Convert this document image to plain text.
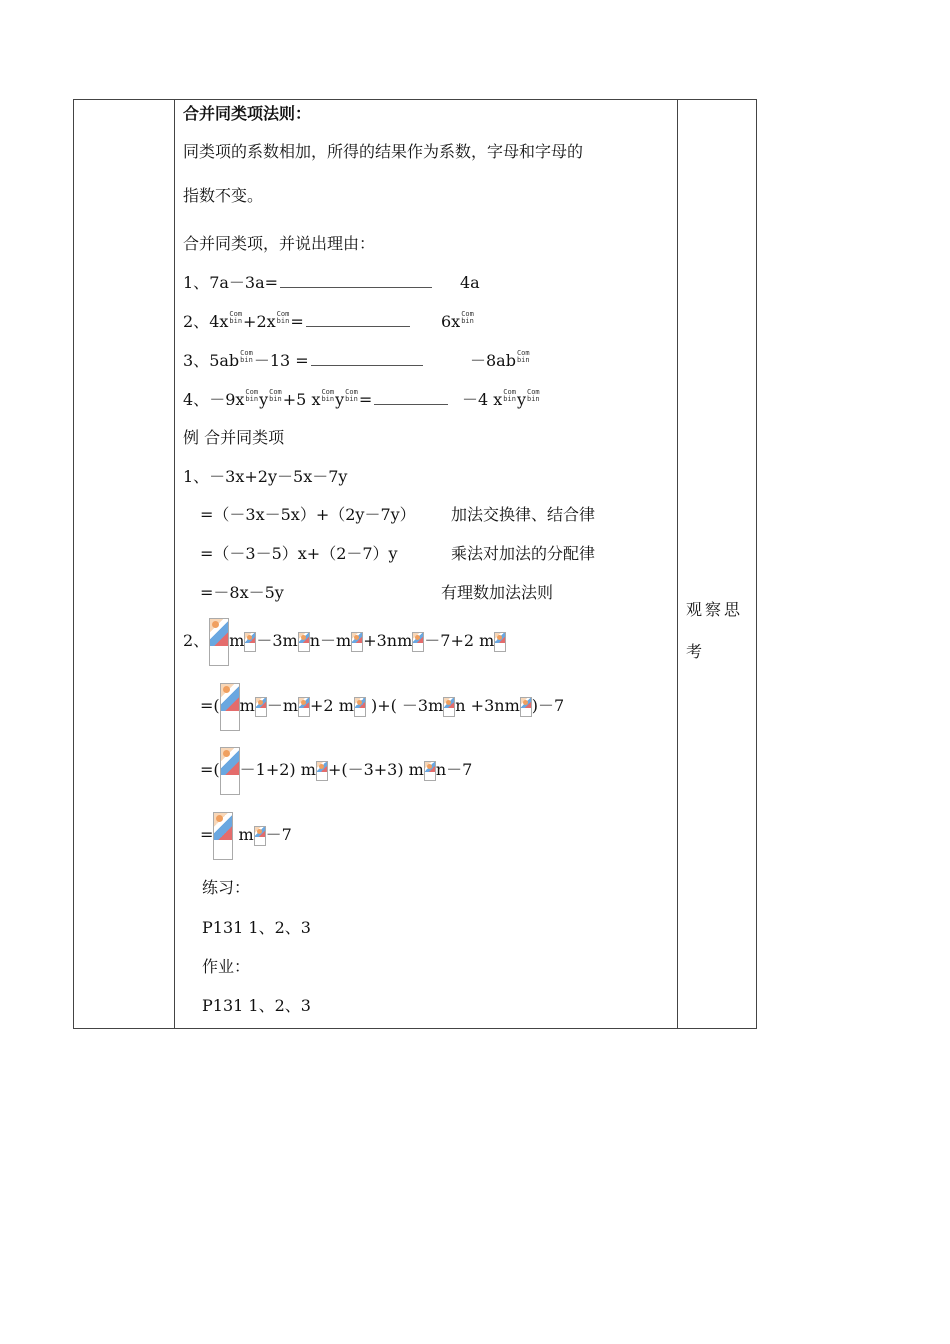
合并同类项法则：
同类项的系数相加，所得的结果作为系数，字母和字母的
指数不变。
合并同类项，并说出理由：
1、7a－3a=	4a
2、4x Com
bin +2x Com
bin =	6x Com
bin
3、5ab Com
bin －13 =	－8ab Com
bin
4、－9x Com
bin y Com
bin +5 x Com
bin y Com
bin =	－4 x Com
bin y Com
bin
例 合并同类项
1、－3x+2y－5x－7y
=（－3x－5x）+（2y－7y） 加法交换律、结合律
=（－3－5）x+（2－7）y	乘法对加法的分配律
=－8x－5y	有理数加法法则
2、 m －3m n－m +3nm －7+2 m
=( m －m +2 m
)+( －3m n +3nm )－7
=( －1+2) m +(－3+3) m n－7
= m －7
练习：
P131 1、2、3
作业：
P131 1、2、3
观察思
考
